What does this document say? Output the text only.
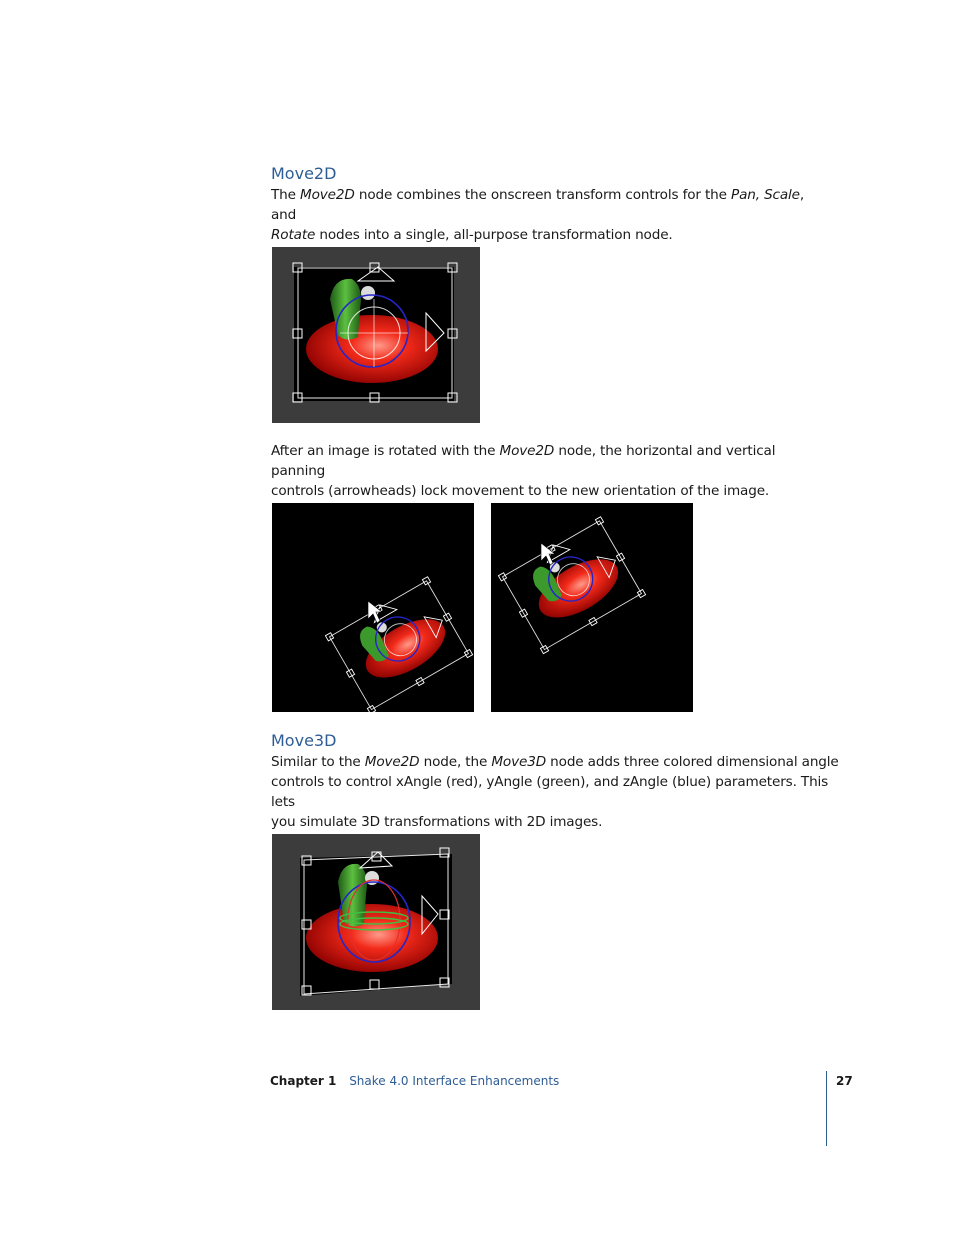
Move2D

The Move2D node combines the onscreen transform controls for the Pan, Scale, and
Rotate nodes into a single, all-purpose transformation node.

After an image is rotated with the Move2D node, the horizontal and vertical panning
controls (arrowheads) lock movement to the new orientation of the image.

Move3D

Similar to the Move2D node, the Move3D node adds three colored dimensional angle
controls to control xAngle (red), yAngle (green), and zAngle (blue) parameters. This lets
you simulate 3D transformations with 2D images.

Chapter 1 Shake 4.0 Interface Enhancements	27
